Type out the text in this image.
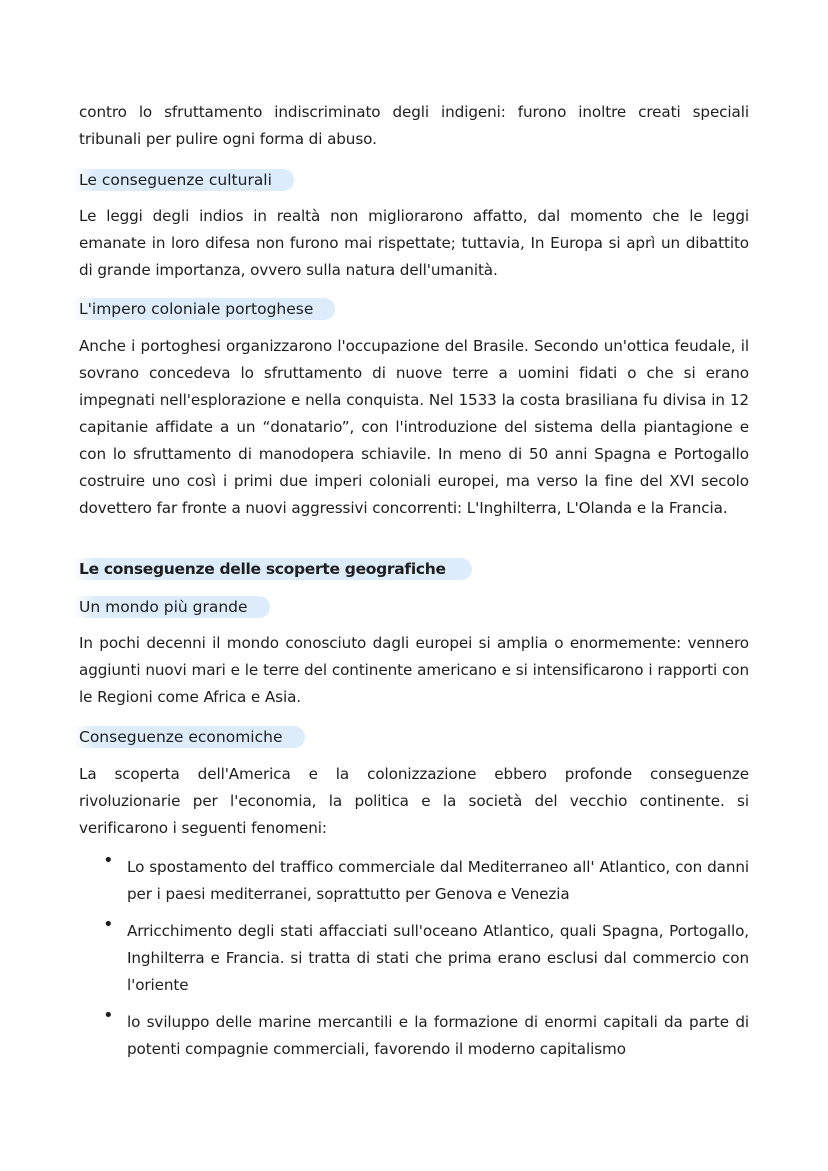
contro lo sfruttamento indiscriminato degli indigeni: furono inoltre creati speciali tribunali per pulire ogni forma di abuso.

Le conseguenze culturali

Le leggi degli indios in realtà non migliorarono affatto, dal momento che le leggi emanate in loro difesa non furono mai rispettate; tuttavia, In Europa si aprì un dibattito di grande importanza, ovvero sulla natura dell'umanità.

L'impero coloniale portoghese

Anche i portoghesi organizzarono l'occupazione del Brasile. Secondo un'ottica feudale, il sovrano concedeva lo sfruttamento di nuove terre a uomini fidati o che si erano impegnati nell'esplorazione e nella conquista. Nel 1533 la costa brasiliana fu divisa in 12 capitanie affidate a un “donatario”, con l'introduzione del sistema della piantagione e con lo sfruttamento di manodopera schiavile. In meno di 50 anni Spagna e Portogallo costruire uno così i primi due imperi coloniali europei, ma verso la fine del XVI secolo dovettero far fronte a nuovi aggressivi concorrenti: L'Inghilterra, L'Olanda e la Francia.

Le conseguenze delle scoperte geografiche
Un mondo più grande

In pochi decenni il mondo conosciuto dagli europei si amplia o enormemente: vennero aggiunti nuovi mari e le terre del continente americano e si intensificarono i rapporti con le Regioni come Africa e Asia.

Conseguenze economiche

La scoperta dell'America e la colonizzazione ebbero profonde conseguenze rivoluzionarie per l'economia, la politica e la società del vecchio continente. si verificarono i seguenti fenomeni:

• Lo spostamento del traffico commerciale dal Mediterraneo all' Atlantico, con danni per i paesi mediterranei, soprattutto per Genova e Venezia

• Arricchimento degli stati affacciati sull'oceano Atlantico, quali Spagna, Portogallo, Inghilterra e Francia. si tratta di stati che prima erano esclusi dal commercio con l'oriente

• lo sviluppo delle marine mercantili e la formazione di enormi capitali da parte di potenti compagnie commerciali, favorendo il moderno capitalismo
